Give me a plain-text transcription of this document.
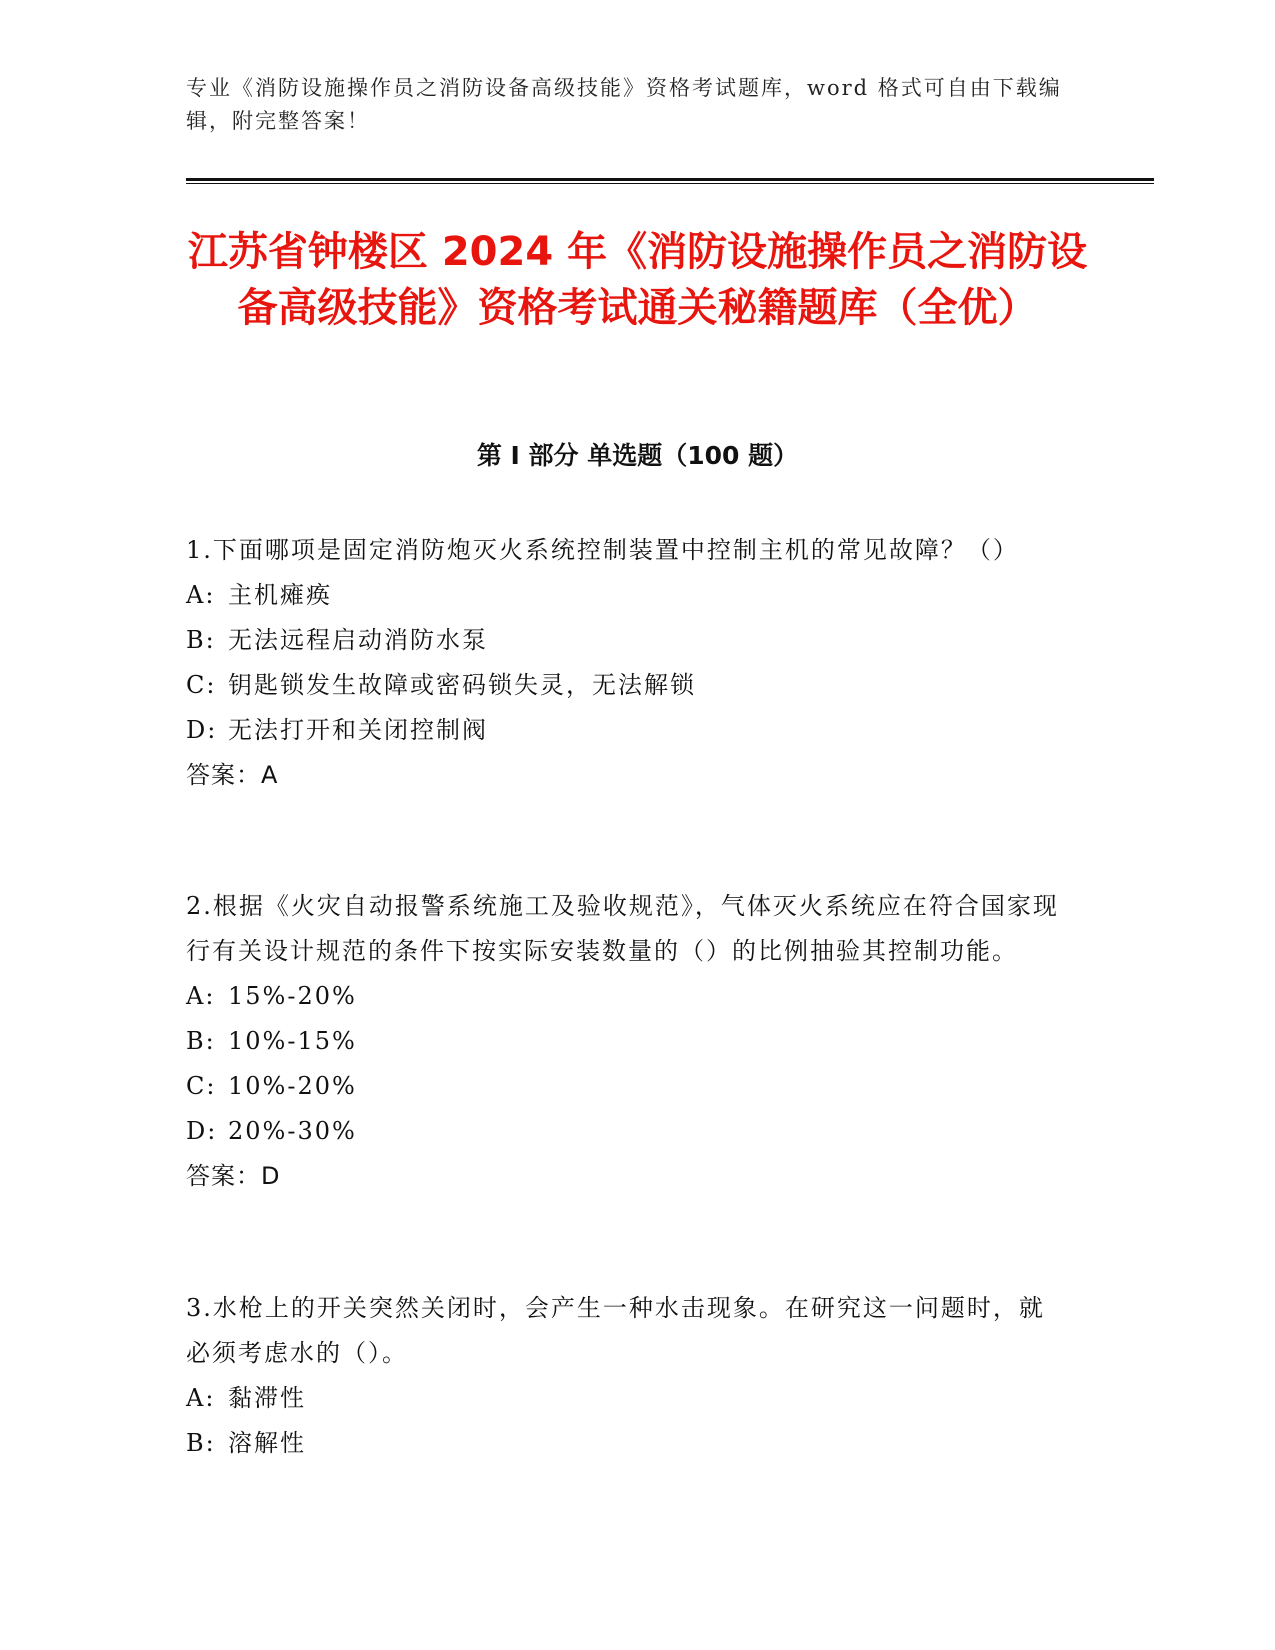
专业《消防设施操作员之消防设备高级技能》资格考试题库，word 格式可自由下载编辑，附完整答案！
江苏省钟楼区 2024 年《消防设施操作员之消防设备高级技能》资格考试通关秘籍题库（全优）
第 I 部分 单选题（100 题）
1.下面哪项是固定消防炮灭火系统控制装置中控制主机的常见故障？（）
A: 主机瘫痪
B: 无法远程启动消防水泵
C: 钥匙锁发生故障或密码锁失灵，无法解锁
D: 无法打开和关闭控制阀
答案：A
2.根据《火灾自动报警系统施工及验收规范》，气体灭火系统应在符合国家现行有关设计规范的条件下按实际安装数量的（）的比例抽验其控制功能。
A: 15%-20%
B: 10%-15%
C: 10%-20%
D: 20%-30%
答案：D
3.水枪上的开关突然关闭时，会产生一种水击现象。在研究这一问题时，就必须考虑水的（）。
A: 黏滞性
B: 溶解性
